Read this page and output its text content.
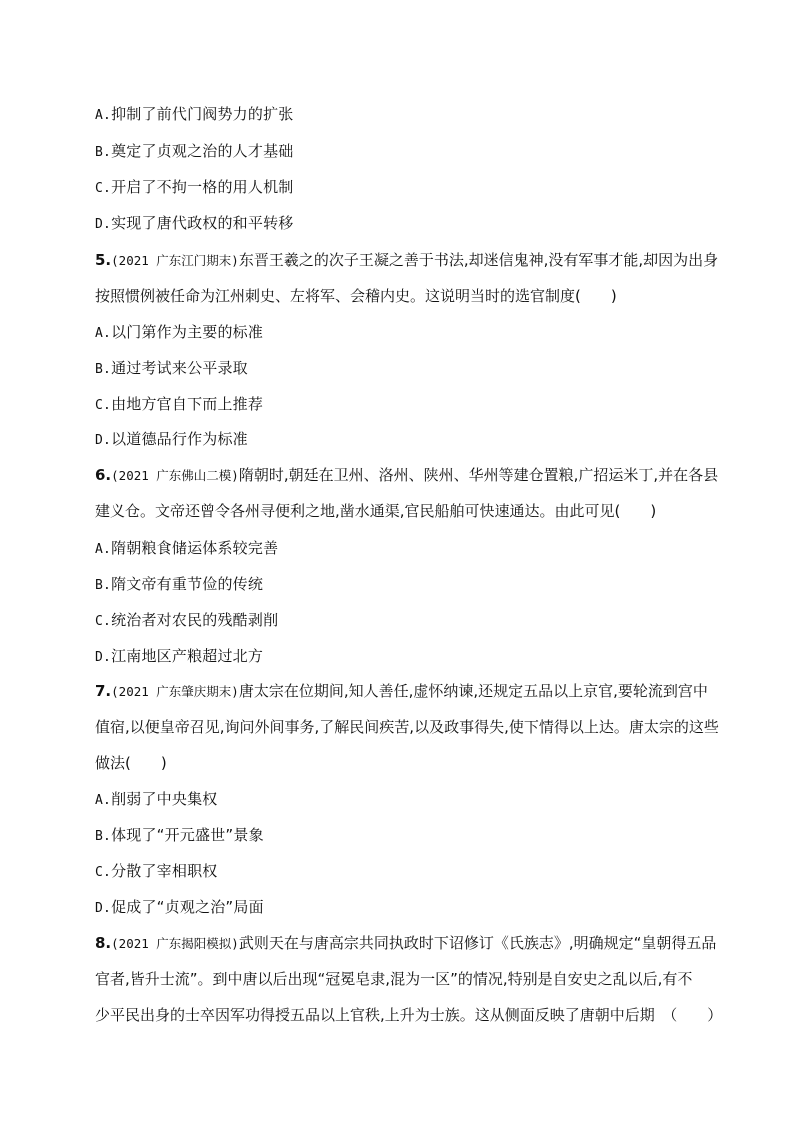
A.抑制了前代门阀势力的扩张
B.奠定了贞观之治的人才基础
C.开启了不拘一格的用人机制
D.实现了唐代政权的和平转移
5.(2021 广东江门期末)东晋王羲之的次子王凝之善于书法,却迷信鬼神,没有军事才能,却因为出身
按照惯例被任命为江州刺史、左将军、会稽内史。这说明当时的选官制度(　　)
A.以门第作为主要的标准
B.通过考试来公平录取
C.由地方官自下而上推荐
D.以道德品行作为标准
6.(2021 广东佛山二模)隋朝时,朝廷在卫州、洛州、陕州、华州等建仓置粮,广招运米丁,并在各县
建义仓。文帝还曾令各州寻便利之地,凿水通渠,官民船舶可快速通达。由此可见(　　)
A.隋朝粮食储运体系较完善
B.隋文帝有重节俭的传统
C.统治者对农民的残酷剥削
D.江南地区产粮超过北方
7.(2021 广东肇庆期末)唐太宗在位期间,知人善任,虚怀纳谏,还规定五品以上京官,要轮流到宫中
值宿,以便皇帝召见,询问外间事务,了解民间疾苦,以及政事得失,使下情得以上达。唐太宗的这些
做法(　　)
A.削弱了中央集权
B.体现了“开元盛世”景象
C.分散了宰相职权
D.促成了“贞观之治”局面
8.(2021 广东揭阳模拟)武则天在与唐高宗共同执政时下诏修订《氏族志》,明确规定“皇朝得五品
官者,皆升士流”。到中唐以后出现“冠冕皂隶,混为一区”的情况,特别是自安史之乱以后,有不
少平民出身的士卒因军功得授五品以上官秩,上升为士族。这从侧面反映了唐朝中后期　（　　）
